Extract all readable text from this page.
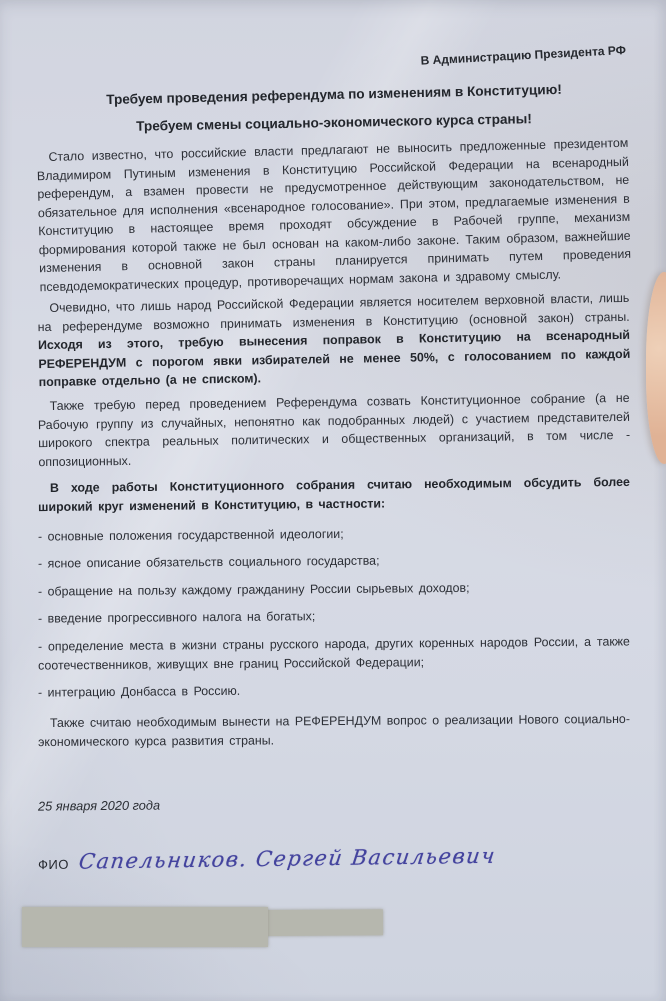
В Администрацию Президента РФ

Требуем проведения референдума по изменениям в Конституцию!

Требуем смены социально-экономического курса страны!

Стало известно, что российские власти предлагают не выносить предложенные президентом Владимиром Путиным изменения в Конституцию Российской Федерации на всенародный референдум, а взамен провести не предусмотренное действующим законодательством, не обязательное для исполнения «всенародное голосование». При этом, предлагаемые изменения в Конституцию в настоящее время проходят обсуждение в Рабочей группе, механизм формирования которой также не был основан на каком-либо законе. Таким образом, важнейшие изменения в основной закон страны планируется принимать путем проведения псевдодемократических процедур, противоречащих нормам закона и здравому смыслу.

Очевидно, что лишь народ Российской Федерации является носителем верховной власти, лишь на референдуме возможно принимать изменения в Конституцию (основной закон) страны. Исходя из этого, требую вынесения поправок в Конституцию на всенародный РЕФЕРЕНДУМ с порогом явки избирателей не менее 50%, с голосованием по каждой поправке отдельно (а не списком).

Также требую перед проведением Референдума созвать Конституционное собрание (а не Рабочую группу из случайных, непонятно как подобранных людей) с участием представителей широкого спектра реальных политических и общественных организаций, в том числе - оппозиционных.

В ходе работы Конституционного собрания считаю необходимым обсудить более широкий круг изменений в Конституцию, в частности:

- основные положения государственной идеологии;

- ясное описание обязательств социального государства;

- обращение на пользу каждому гражданину России сырьевых доходов;

- введение прогрессивного налога на богатых;

- определение места в жизни страны русского народа, других коренных народов России, а также соотечественников, живущих вне границ Российской Федерации;

- интеграцию Донбасса в Россию.

Также считаю необходимым вынести на РЕФЕРЕНДУМ вопрос о реализации Нового социально-экономического курса развития страны.

25 января 2020 года

ФИО Сапельников. Сергей Васильевич
